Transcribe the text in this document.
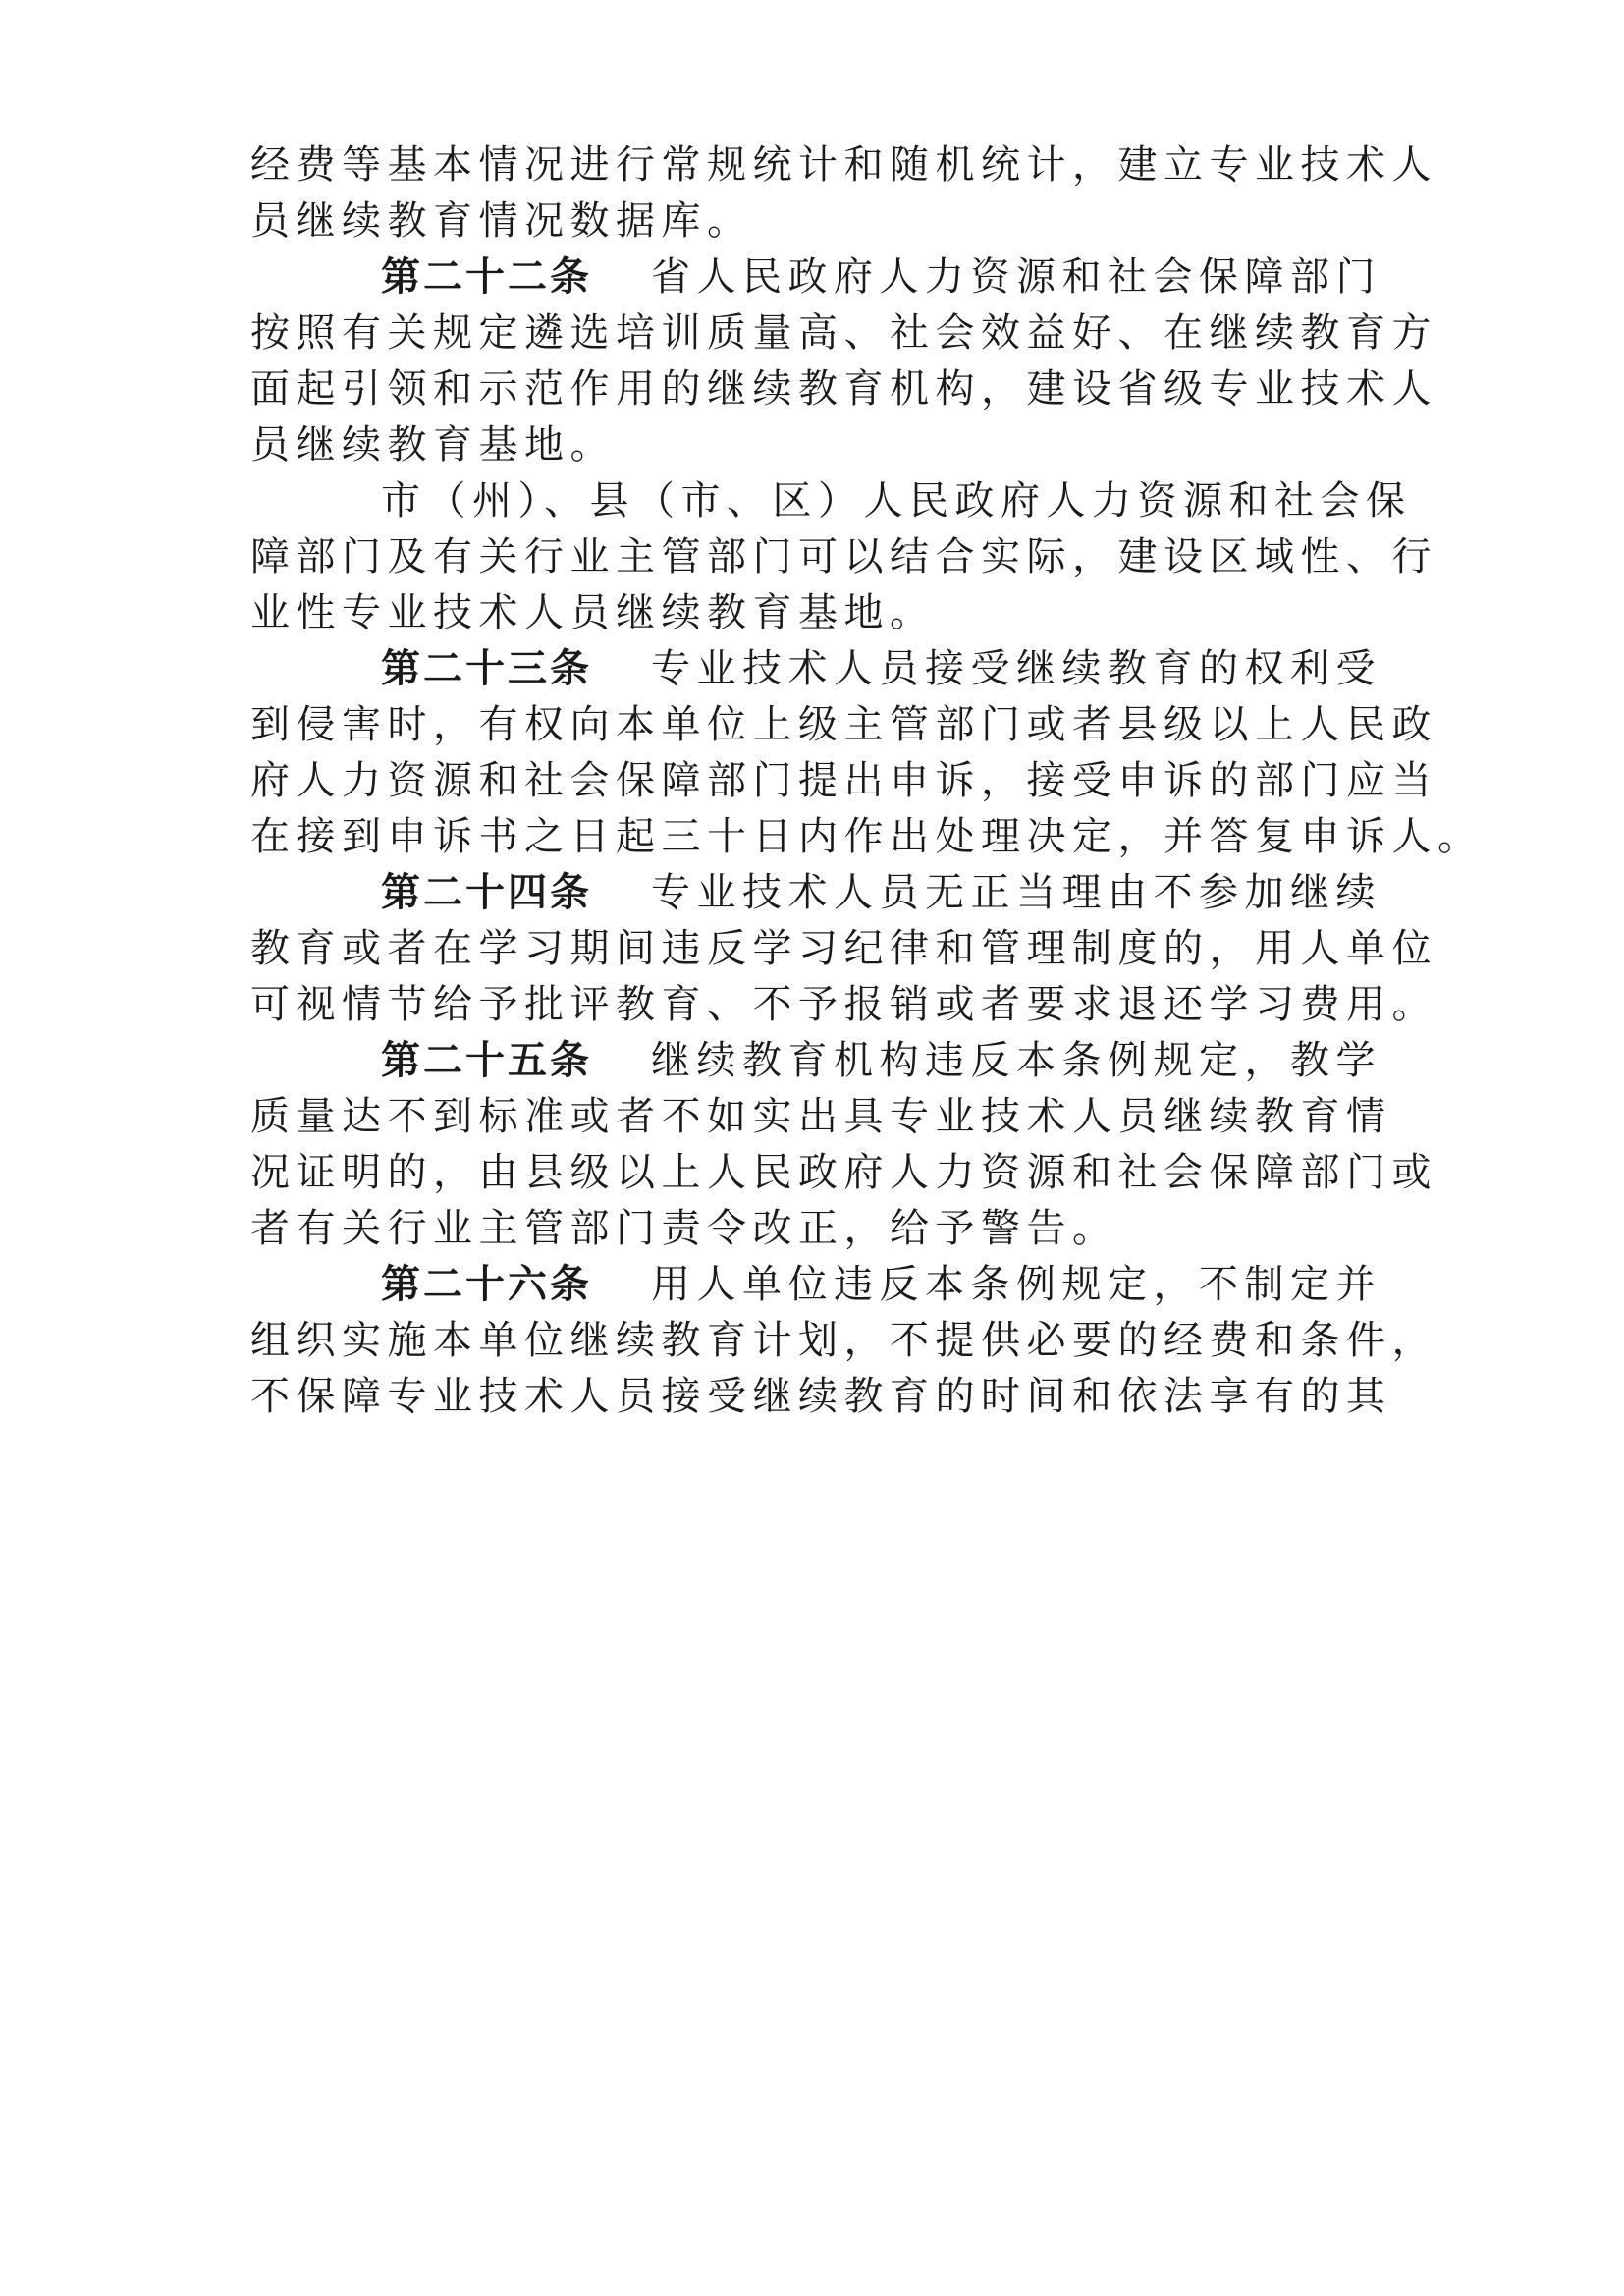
经费等基本情况进行常规统计和随机统计，建立专业技术人
员继续教育情况数据库。
第二十二条 省人民政府人力资源和社会保障部门
按照有关规定遴选培训质量高、社会效益好、在继续教育方
面起引领和示范作用的继续教育机构，建设省级专业技术人
员继续教育基地。
市（州）、县（市、区）人民政府人力资源和社会保
障部门及有关行业主管部门可以结合实际，建设区域性、行
业性专业技术人员继续教育基地。
第二十三条 专业技术人员接受继续教育的权利受
到侵害时，有权向本单位上级主管部门或者县级以上人民政
府人力资源和社会保障部门提出申诉，接受申诉的部门应当
在接到申诉书之日起三十日内作出处理决定，并答复申诉人。
第二十四条 专业技术人员无正当理由不参加继续
教育或者在学习期间违反学习纪律和管理制度的，用人单位
可视情节给予批评教育、不予报销或者要求退还学习费用。
第二十五条 继续教育机构违反本条例规定，教学
质量达不到标准或者不如实出具专业技术人员继续教育情
况证明的，由县级以上人民政府人力资源和社会保障部门或
者有关行业主管部门责令改正，给予警告。
第二十六条 用人单位违反本条例规定，不制定并
组织实施本单位继续教育计划，不提供必要的经费和条件，
不保障专业技术人员接受继续教育的时间和依法享有的其
